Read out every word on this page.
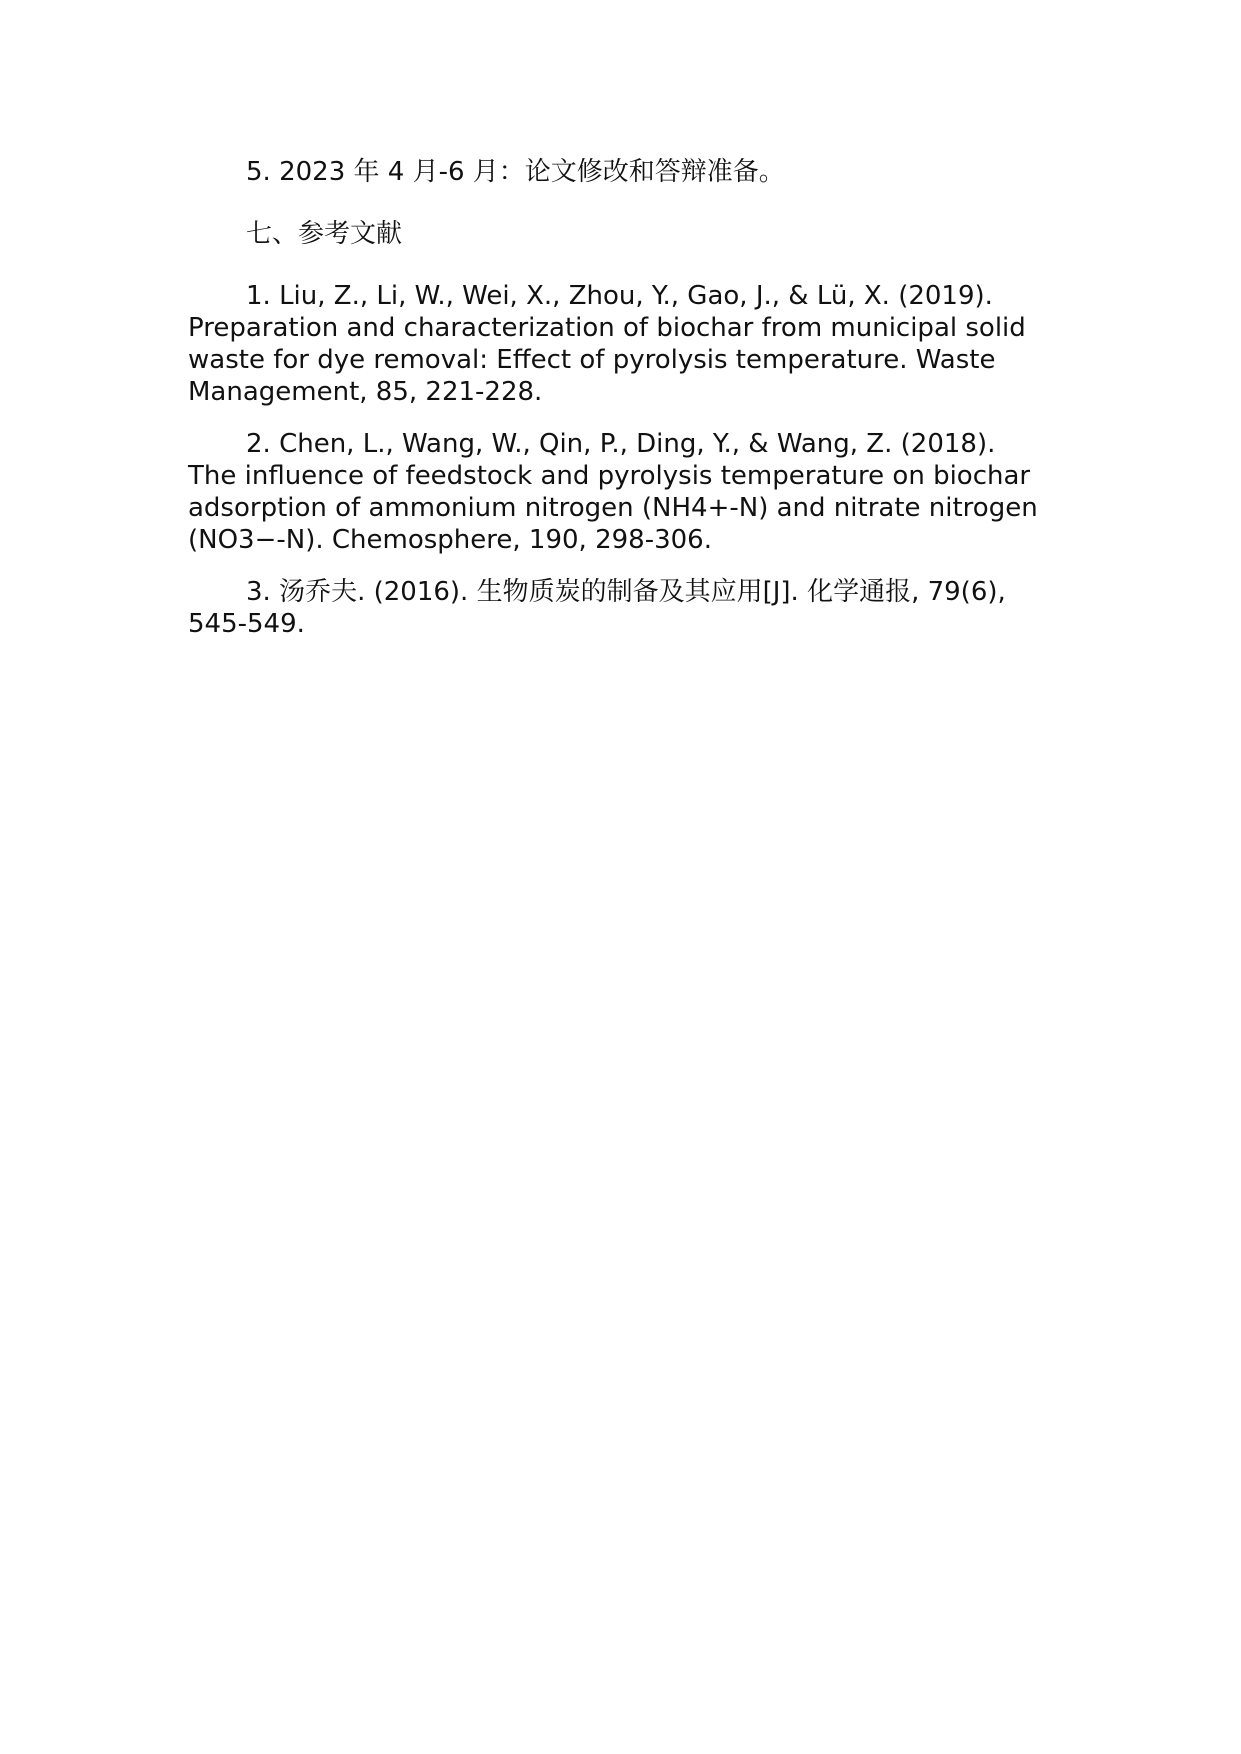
5. 2023 年 4 月-6 月：论文修改和答辩准备。

七、参考文献

1. Liu, Z., Li, W., Wei, X., Zhou, Y., Gao, J., & Lü, X. (2019). Preparation and characterization of biochar from municipal solid waste for dye removal: Effect of pyrolysis temperature. Waste Management, 85, 221-228.

2. Chen, L., Wang, W., Qin, P., Ding, Y., & Wang, Z. (2018). The influence of feedstock and pyrolysis temperature on biochar adsorption of ammonium nitrogen (NH4+-N) and nitrate nitrogen (NO3−-N). Chemosphere, 190, 298-306.

3. 汤乔夫. (2016). 生物质炭的制备及其应用[J]. 化学通报, 79(6), 545-549.
